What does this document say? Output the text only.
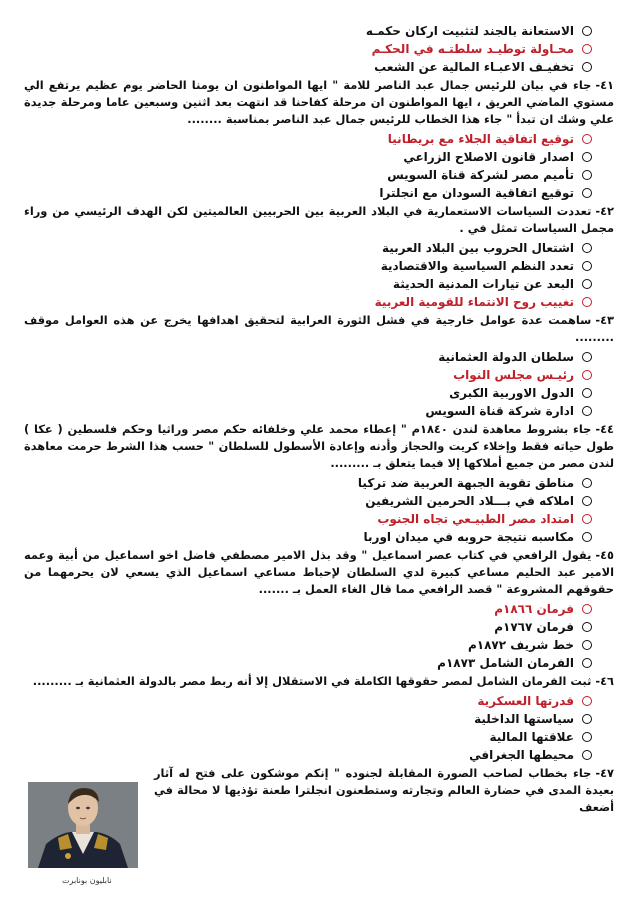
الاستعانة بالجند لتثبيت اركان حكمـه
محـاولة توطيـد سلطتـه في الحكـم
تخفيـف الاعبـاء المالية عن الشعب
٤١-جاء في بيان للرئيس جمال عبد الناصر للامة " ايها المواطنون ان يومنا الحاضر يوم عظيم يرتفع الي مستوي الماضي العريق ، ايها المواطنون ان مرحلة كفاحنا قد انتهت بعد اثنين وسبعين عاما ومرحلة جديدة علي وشك ان تبدأ " جاء هذا الخطاب للرئيس جمال عبد الناصر بمناسبة ........
توقيع اتفاقية الجلاء مع بريطانيا
اصدار قانون الاصلاح الزراعي
تأميم مصر لشركة قناة السويس
توقيع اتفاقية السودان مع انجلترا
٤٢-تعددت السياسات الاستعمارية في البلاد العربية بين الحربيين العالميتين لكن الهدف الرئيسي من وراء مجمل السياسات تمثل في .
اشتعال الحروب بين البلاد العربية
تعدد النظم السياسية والاقتصادية
البعد عن تيارات المدنية الحديثة
تغييب روح الانتماء للقومية العربية
٤٣-ساهمت عدة عوامل خارجية في فشل الثورة العرابية لتحقيق اهدافها يخرج عن هذه العوامل موقف .........
سلطان الدولة العثمانية
رئيـس مجلس النواب
الدول الاوربية الكبرى
ادارة شركة قناة السويس
٤٤-جاء بشروط معاهدة لندن ١٨٤٠م " إعطاء محمد علي وخلفائه حكم مصر وراثيا وحكم فلسطين ( عكا ) طول حياته فقط وإخلاء كريت والحجاز وأدنه وإعادة الأسطول للسلطان " حسب هذا الشرط حرمت معاهدة لندن مصر من جميع أملاكها إلا فيما يتعلق بـ .........
مناطق تقوية الجبهة العربية ضد تركيا
املاكه في بـــلاد الحرمين الشريفين
امتداد مصر الطبيـعي تجاه الجنوب
مكاسبه نتيجة حروبه في ميدان اوربا
٤٥-يقول الرافعي في كتاب عصر اسماعيل " وقد بذل الامير مصطفي فاضل اخو اسماعيل من أبية وعمه الامير عبد الحليم مساعي كبيرة لدي السلطان لإحباط مساعي اسماعيل الذي يسعي لان يحرمهما من حقوقهم المشروعة " قصد الرافعي مما قال الغاء العمل بـ .......
فرمان ١٨٦٦م
فرمان ١٧٦٧م
خط شريف ١٨٧٢م
الفرمان الشامل ١٨٧٣م
٤٦-ثبت الفرمان الشامل لمصر حقوقها الكاملة في الاستقلال إلا أنه ربط مصر بالدولة العثمانية بـ .........
قدرتها العسكرية
سياستها الداخلية
علاقتها المالية
محيطها الجغرافي
٤٧-جاء بخطاب لصاحب الصورة المقابلة لجنوده " إنكم موشكون على فتح له آثار بعيدة المدى في حضارة العالم وتجارته وستطعنون انجلترا طعنة تؤذيها لا محالة في أضعف
نابليون بونابرت
